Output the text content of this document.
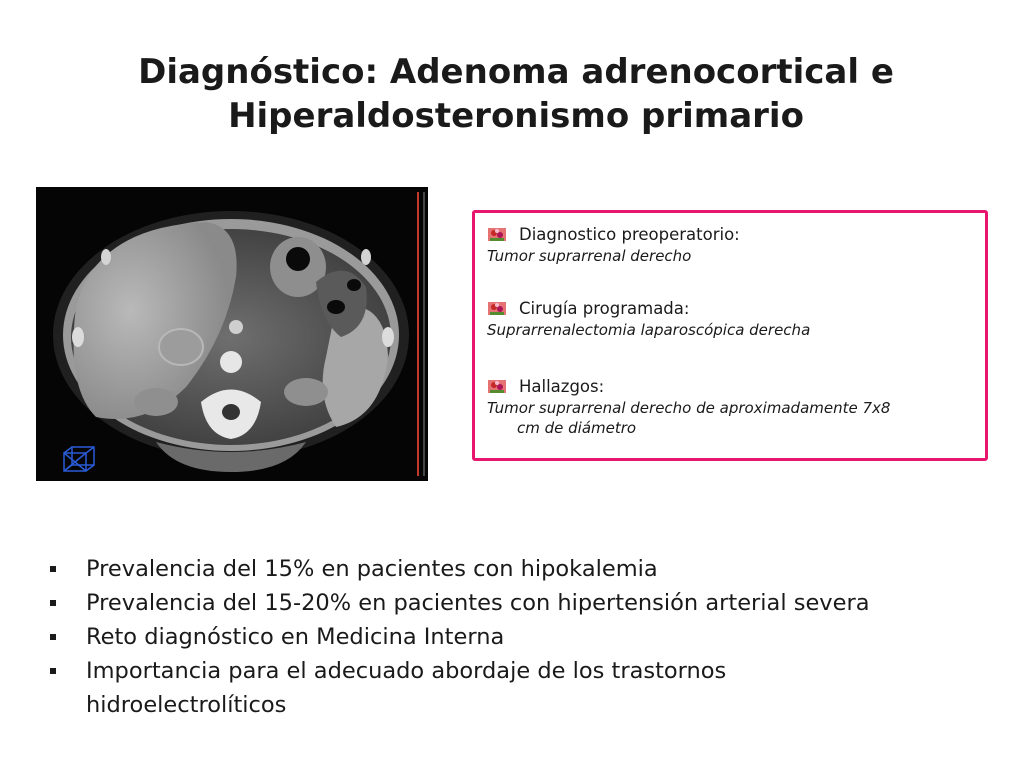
Diagnóstico: Adenoma adrenocortical e
Hiperaldosteronismo primario
Diagnostico preoperatorio:
Tumor suprarrenal derecho
Cirugía programada:
Suprarrenalectomia laparoscópica derecha
Hallazgos:
Tumor suprarrenal derecho de aproximadamente 7x8
cm de diámetro
Prevalencia del 15% en pacientes con hipokalemia
Prevalencia del 15-20% en pacientes con hipertensión arterial severa
Reto diagnóstico en Medicina Interna
Importancia para el adecuado abordaje de los trastornos
hidroelectrolíticos
